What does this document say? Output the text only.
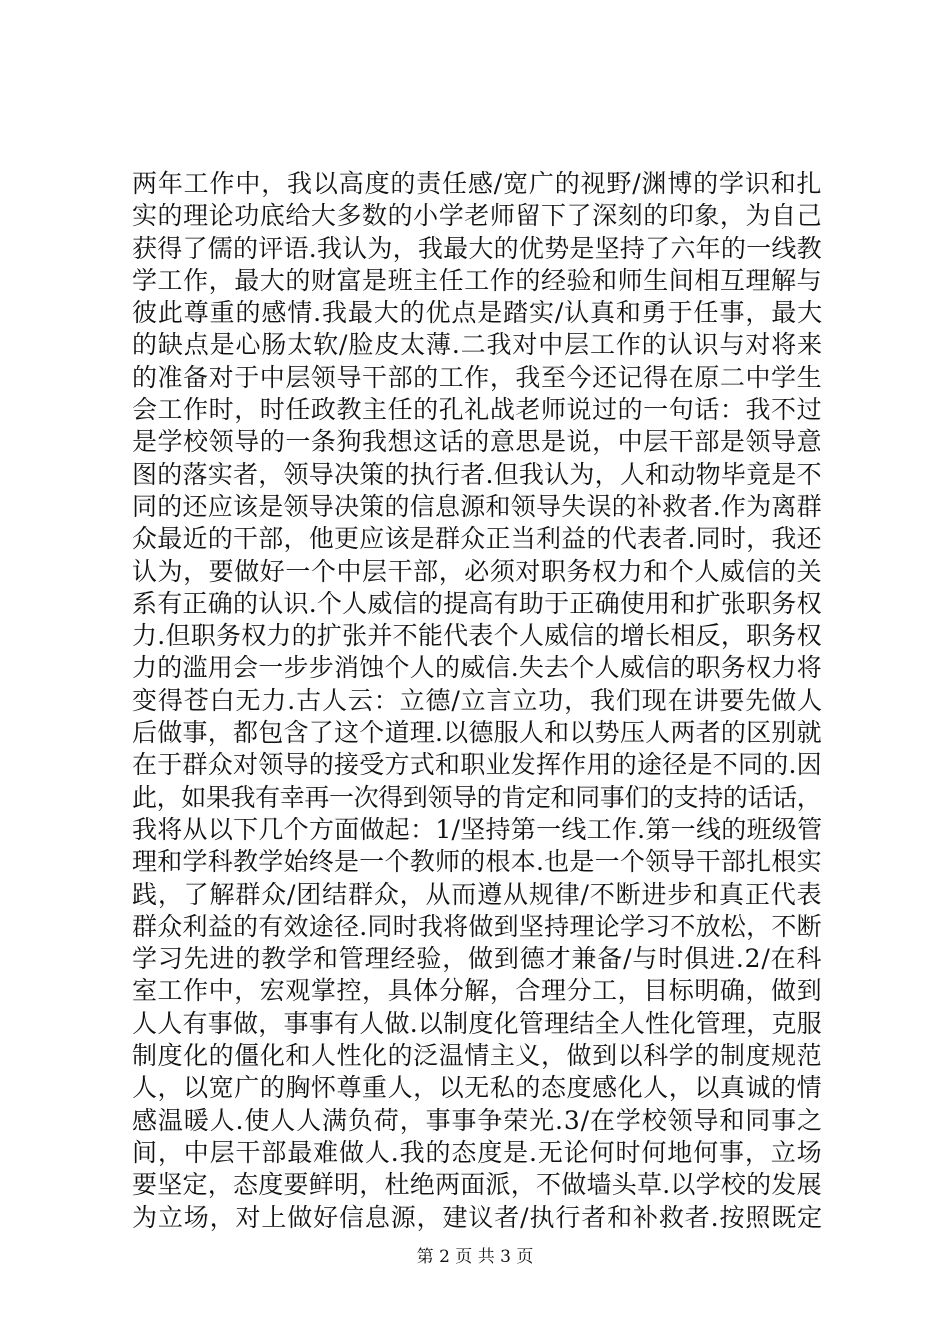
两年工作中，我以高度的责任感/宽广的视野/渊博的学识和扎
实的理论功底给大多数的小学老师留下了深刻的印象，为自己
获得了儒的评语.我认为，我最大的优势是坚持了六年的一线教
学工作，最大的财富是班主任工作的经验和师生间相互理解与
彼此尊重的感情.我最大的优点是踏实/认真和勇于任事，最大
的缺点是心肠太软/脸皮太薄.二我对中层工作的认识与对将来
的准备对于中层领导干部的工作，我至今还记得在原二中学生
会工作时，时任政教主任的孔礼战老师说过的一句话：我不过
是学校领导的一条狗我想这话的意思是说，中层干部是领导意
图的落实者，领导决策的执行者.但我认为，人和动物毕竟是不
同的还应该是领导决策的信息源和领导失误的补救者.作为离群
众最近的干部，他更应该是群众正当利益的代表者.同时，我还
认为，要做好一个中层干部，必须对职务权力和个人威信的关
系有正确的认识.个人威信的提高有助于正确使用和扩张职务权
力.但职务权力的扩张并不能代表个人威信的增长相反，职务权
力的滥用会一步步消蚀个人的威信.失去个人威信的职务权力将
变得苍白无力.古人云：立德/立言立功，我们现在讲要先做人
后做事，都包含了这个道理.以德服人和以势压人两者的区别就
在于群众对领导的接受方式和职业发挥作用的途径是不同的.因
此，如果我有幸再一次得到领导的肯定和同事们的支持的话话，
我将从以下几个方面做起：1/坚持第一线工作.第一线的班级管
理和学科教学始终是一个教师的根本.也是一个领导干部扎根实
践，了解群众/团结群众，从而遵从规律/不断进步和真正代表
群众利益的有效途径.同时我将做到坚持理论学习不放松，不断
学习先进的教学和管理经验，做到德才兼备/与时俱进.2/在科
室工作中，宏观掌控，具体分解，合理分工，目标明确，做到
人人有事做，事事有人做.以制度化管理结全人性化管理，克服
制度化的僵化和人性化的泛温情主义，做到以科学的制度规范
人，以宽广的胸怀尊重人，以无私的态度感化人，以真诚的情
感温暖人.使人人满负荷，事事争荣光.3/在学校领导和同事之
间，中层干部最难做人.我的态度是.无论何时何地何事，立场
要坚定，态度要鲜明，杜绝两面派，不做墙头草.以学校的发展
为立场，对上做好信息源，建议者/执行者和补救者.按照既定
第 2 页 共 3 页
